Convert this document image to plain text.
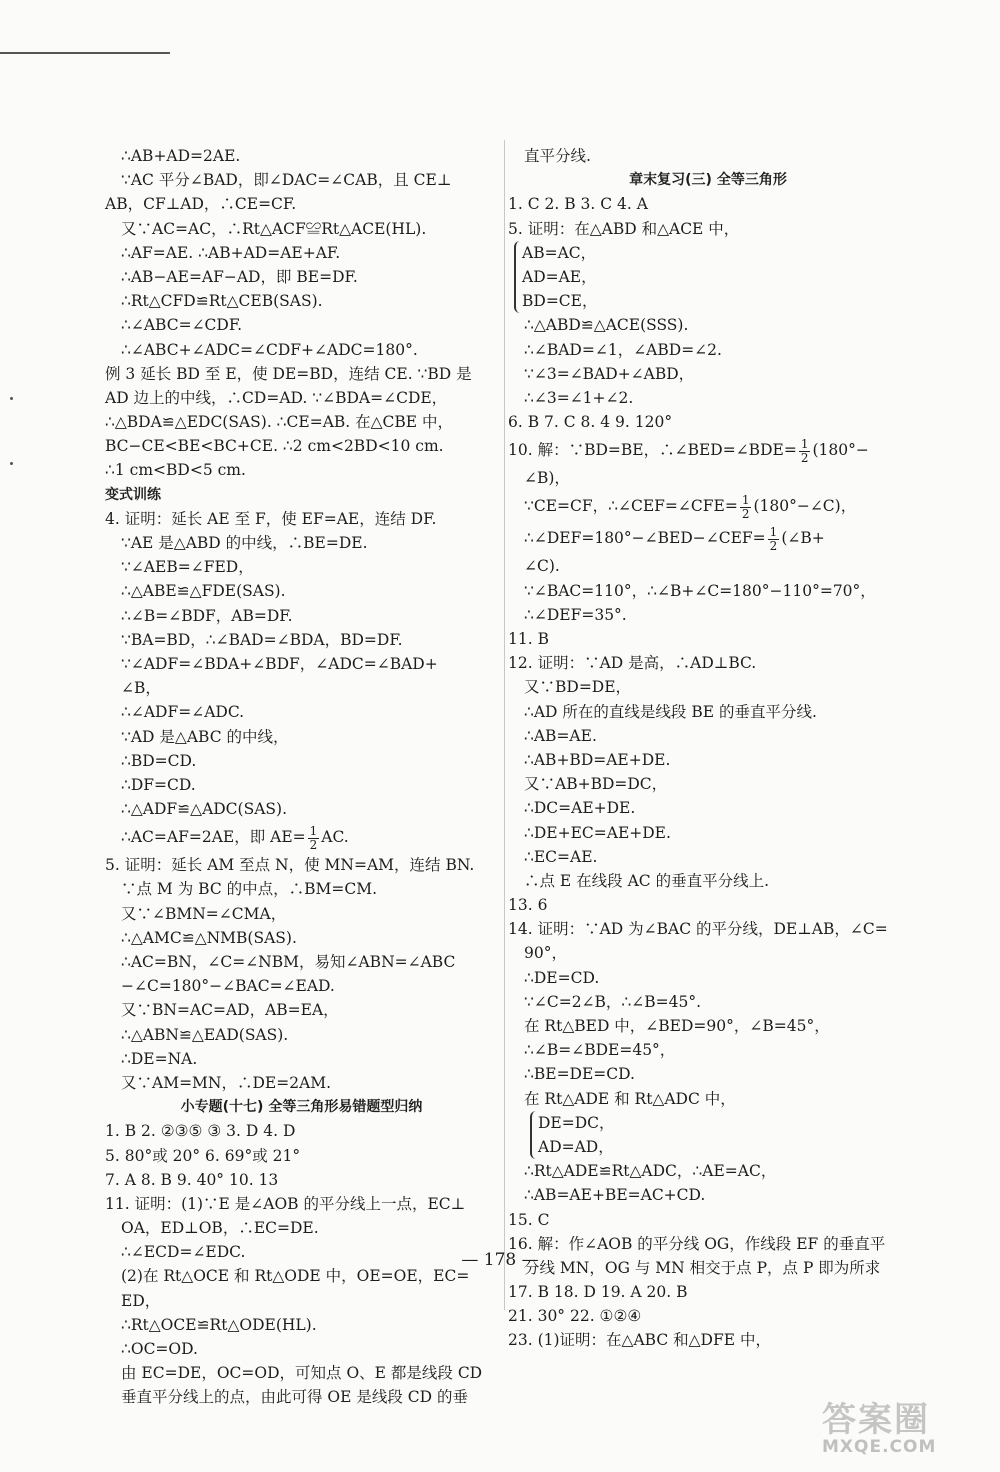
∴AB+AD=2AE.
∵AC 平分∠BAD，即∠DAC=∠CAB，且 CE⊥
AB，CF⊥AD，∴CE=CF.
又∵AC=AC，∴Rt△ACF≌Rt△ACE(HL).
∴AF=AE. ∴AB+AD=AE+AF.
∴AB−AE=AF−AD，即 BE=DF.
∴Rt△CFD≌Rt△CEB(SAS).
∴∠ABC=∠CDF.
∴∠ABC+∠ADC=∠CDF+∠ADC=180°.
例 3 延长 BD 至 E，使 DE=BD，连结 CE. ∵BD 是
AD 边上的中线，∴CD=AD. ∵∠BDA=∠CDE，
∴△BDA≌△EDC(SAS). ∴CE=AB. 在△CBE 中，
BC−CE<BE<BC+CE. ∴2 cm<2BD<10 cm.
∴1 cm<BD<5 cm.
变式训练
4. 证明：延长 AE 至 F，使 EF=AE，连结 DF.
∵AE 是△ABD 的中线，∴BE=DE.
∵∠AEB=∠FED，
∴△ABE≌△FDE(SAS).
∴∠B=∠BDF，AB=DF.
∵BA=BD，∴∠BAD=∠BDA，BD=DF.
∵∠ADF=∠BDA+∠BDF，∠ADC=∠BAD+
∠B，
∴∠ADF=∠ADC.
∵AD 是△ABC 的中线，
∴BD=CD.
∴DF=CD.
∴△ADF≌△ADC(SAS).
∴AC=AF=2AE，即 $AE= \frac{1}{2}$ AC.
5. 证明：延长 AM 至点 N，使 MN=AM，连结 BN.
∵点 M 为 BC 的中点，∴BM=CM.
又∵∠BMN=∠CMA，
∴△AMC≌△NMB(SAS).
∴AC=BN，∠C=∠NBM，易知∠ABN=∠ABC
−∠C=180°−∠BAC=∠EAD.
又∵BN=AC=AD，AB=EA，
∴△ABN≌△EAD(SAS).
∴DE=NA.
又∵AM=MN，∴DE=2AM.
小专题(十七) 全等三角形易错题型归纳
1. B 2. ②③⑤ ③ 3. D 4. D
5. 80°或 20° 6. 69°或 21°
7. A 8. B 9. 40° 10. 13
11. 证明：(1)∵E 是∠AOB 的平分线上一点，EC⊥
OA，ED⊥OB，∴EC=DE.
∴∠ECD=∠EDC.
(2)在 Rt△OCE 和 Rt△ODE 中，OE=OE，EC=
ED，
∴Rt△OCE≌Rt△ODE(HL).
∴OC=OD.
由 EC=DE，OC=OD，可知点 O、E 都是线段 CD
垂直平分线上的点，由此可得 OE 是线段 CD 的垂
直平分线.
章末复习(三) 全等三角形
1. C 2. B 3. C 4. A
5. 证明：在△ABD 和△ACE 中，
AB=AC，
AD=AE，
BD=CE，
∴△ABD≌△ACE(SSS).
∴∠BAD=∠1，∠ABD=∠2.
∵∠3=∠BAD+∠ABD，
∴∠3=∠1+∠2.
6. B 7. C 8. 4 9. 120°
10. 解：∵BD=BE，∴∠BED=∠BDE= $\frac{1}{2} (180^\circ-$
∠B)，
∵CE=CF，∴∠CEF=∠CFE= $\frac{1}{2}$ (180°−∠C)，
∴∠DEF=180°−∠BED−∠CEF= $\frac{1}{2}$ (∠B+
∠C).
∵∠BAC=110°，∴∠B+∠C=180°−110°=70°，
∴∠DEF=35°.
11. B
12. 证明：∵AD 是高，∴AD⊥BC.
又∵BD=DE，
∴AD 所在的直线是线段 BE 的垂直平分线.
∴AB=AE.
∴AB+BD=AE+DE.
又∵AB+BD=DC，
∴DC=AE+DE.
∴DE+EC=AE+DE.
∴EC=AE.
∴点 E 在线段 AC 的垂直平分线上.
13. 6
14. 证明：∵AD 为∠BAC 的平分线，DE⊥AB，∠C=
90°，
∴DE=CD.
∵∠C=2∠B，∴∠B=45°.
在 Rt△BED 中，∠BED=90°，∠B=45°，
∴∠B=∠BDE=45°，
∴BE=DE=CD.
在 Rt△ADE 和 Rt△ADC 中，
DE=DC，
AD=AD，
∴Rt△ADE≌Rt△ADC，∴AE=AC，
∴AB=AE+BE=AC+CD.
15. C
16. 解：作∠AOB 的平分线 OG，作线段 EF 的垂直平
分线 MN，OG 与 MN 相交于点 P，点 P 即为所求
17. B 18. D 19. A 20. B
21. 30° 22. ①②④
23. (1)证明：在△ABC 和△DFE 中，
— 178 —
答案圈
MXQE.COM
